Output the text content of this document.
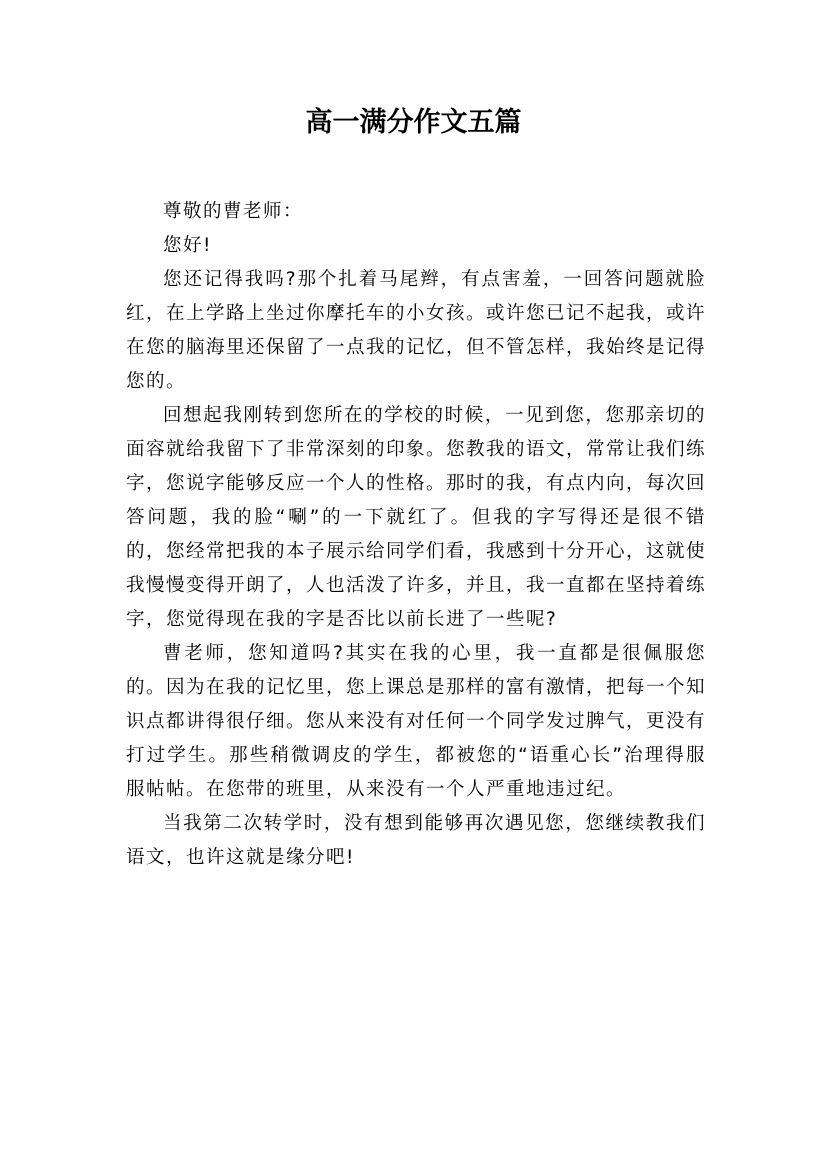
高一满分作文五篇

尊敬的曹老师：

您好!

您还记得我吗?那个扎着马尾辫，有点害羞，一回答问题就脸红，在上学路上坐过你摩托车的小女孩。或许您已记不起我，或许在您的脑海里还保留了一点我的记忆，但不管怎样，我始终是记得您的。

回想起我刚转到您所在的学校的时候，一见到您，您那亲切的面容就给我留下了非常深刻的印象。您教我的语文，常常让我们练字，您说字能够反应一个人的性格。那时的我，有点内向，每次回答问题，我的脸“唰”的一下就红了。但我的字写得还是很不错的，您经常把我的本子展示给同学们看，我感到十分开心，这就使我慢慢变得开朗了，人也活泼了许多，并且，我一直都在坚持着练字，您觉得现在我的字是否比以前长进了一些呢?

曹老师，您知道吗?其实在我的心里，我一直都是很佩服您的。因为在我的记忆里，您上课总是那样的富有激情，把每一个知识点都讲得很仔细。您从来没有对任何一个同学发过脾气，更没有打过学生。那些稍微调皮的学生，都被您的“语重心长”治理得服服帖帖。在您带的班里，从来没有一个人严重地违过纪。

当我第二次转学时，没有想到能够再次遇见您，您继续教我们语文，也许这就是缘分吧!
